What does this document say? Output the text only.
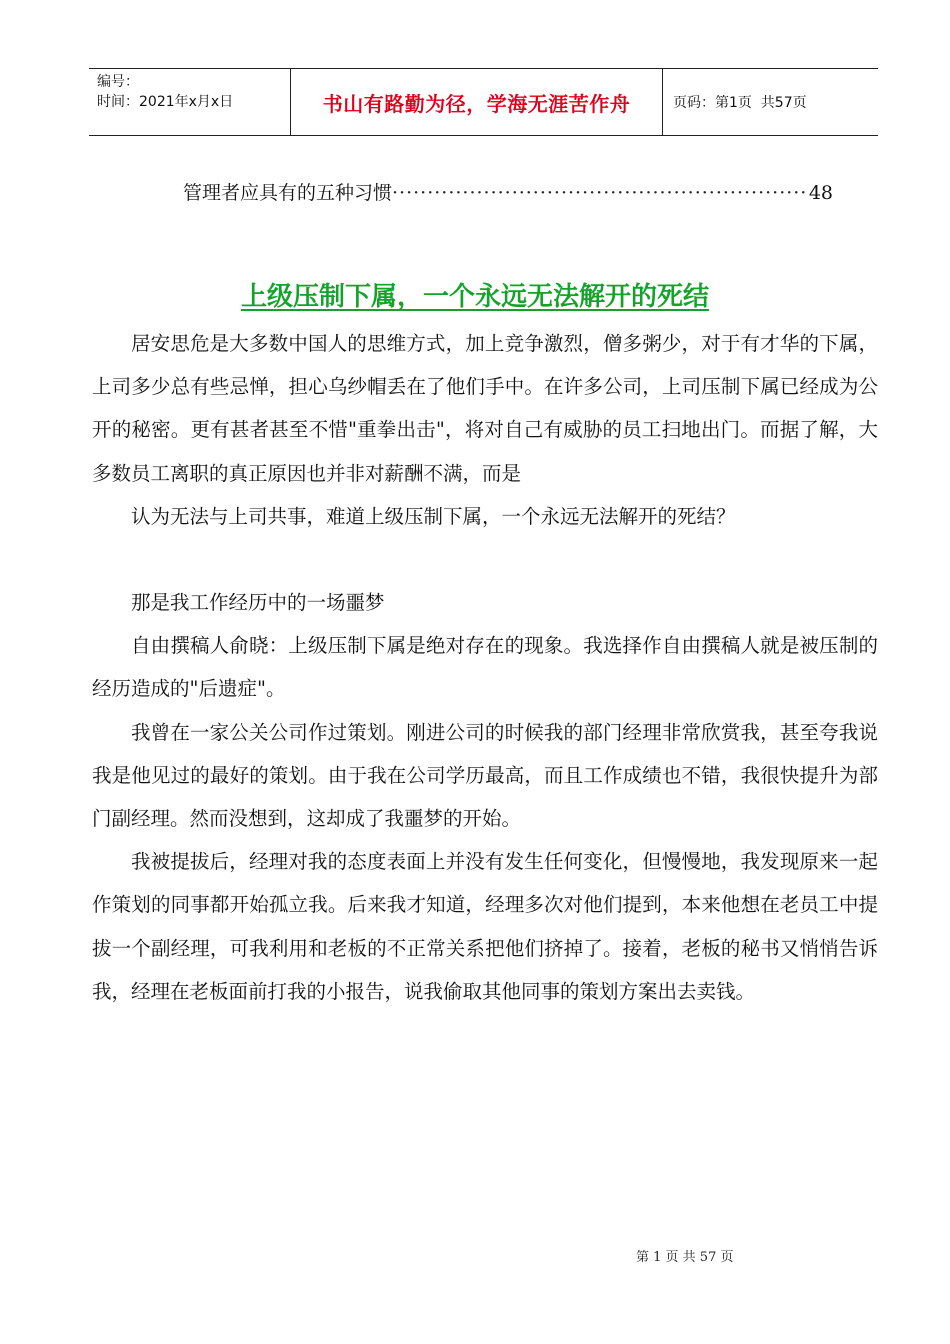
编号：
时间：2021年x月x日	书山有路勤为径，学海无涯苦作舟	页码：第1页  共57页
管理者应具有的五种习惯
·····	48
上级压制下属，一个永远无法解开的死结

居安思危是大多数中国人的思维方式，加上竞争激烈，僧多粥少，对于有才华的下属，上司多少总有些忌惮，担心乌纱帽丢在了他们手中。在许多公司，上司压制下属已经成为公开的秘密。更有甚者甚至不惜"重拳出击"，将对自己有威胁的员工扫地出门。而据了解，大多数员工离职的真正原因也并非对薪酬不满，而是

认为无法与上司共事，难道上级压制下属，一个永远无法解开的死结？

那是我工作经历中的一场噩梦

自由撰稿人俞晓：上级压制下属是绝对存在的现象。我选择作自由撰稿人就是被压制的经历造成的"后遗症"。

我曾在一家公关公司作过策划。刚进公司的时候我的部门经理非常欣赏我，甚至夸我说我是他见过的最好的策划。由于我在公司学历最高，而且工作成绩也不错，我很快提升为部门副经理。然而没想到，这却成了我噩梦的开始。

我被提拔后，经理对我的态度表面上并没有发生任何变化，但慢慢地，我发现原来一起作策划的同事都开始孤立我。后来我才知道，经理多次对他们提到，本来他想在老员工中提拔一个副经理，可我利用和老板的不正常关系把他们挤掉了。接着，老板的秘书又悄悄告诉我，经理在老板面前打我的小报告，说我偷取其他同事的策划方案出去卖钱。

第 1 页 共 57 页
